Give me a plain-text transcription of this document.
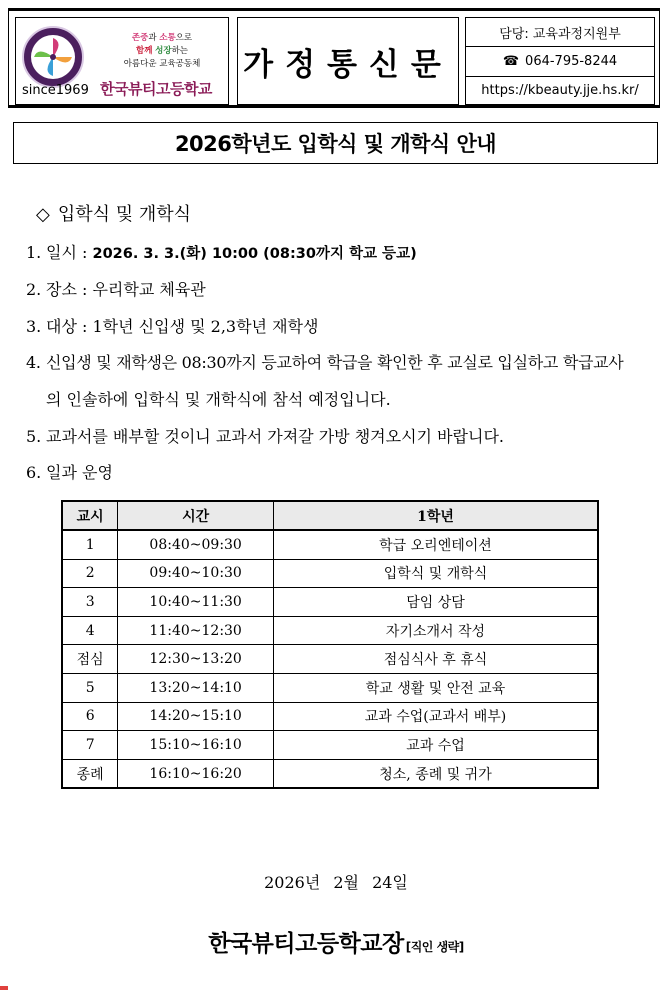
존중과 소통으로
함께 성장하는
아름다운 교육공동체
since1969 한국뷰티고등학교
가정통신문
담당: 교육과정지원부
☎ 064-795-8244
https://kbeauty.jje.hs.kr/
2026학년도 입학식 및 개학식 안내
◇ 입학식 및 개학식
1. 일시 : 2026. 3. 3.(화) 10:00 (08:30까지 학교 등교)
2. 장소 : 우리학교 체육관
3. 대상 : 1학년 신입생 및 2,3학년 재학생
4. 신입생 및 재학생은 08:30까지 등교하여 학급을 확인한 후 교실로 입실하고 학급교사
의 인솔하에 입학식 및 개학식에 참석 예정입니다.
5. 교과서를 배부할 것이니 교과서 가져갈 가방 챙겨오시기 바랍니다.
6. 일과 운영
교시	시간	1학년
1	08:40~09:30	학급 오리엔테이션
2	09:40~10:30	입학식 및 개학식
3	10:40~11:30	담임 상담
4	11:40~12:30	자기소개서 작성
점심	12:30~13:20	점심식사 후 휴식
5	13:20~14:10	학교 생활 및 안전 교육
6	14:20~15:10	교과 수업(교과서 배부)
7	15:10~16:10	교과 수업
종례	16:10~16:20	청소, 종례 및 귀가
2026년 2월 24일
한국뷰티고등학교장 [직인 생략]
